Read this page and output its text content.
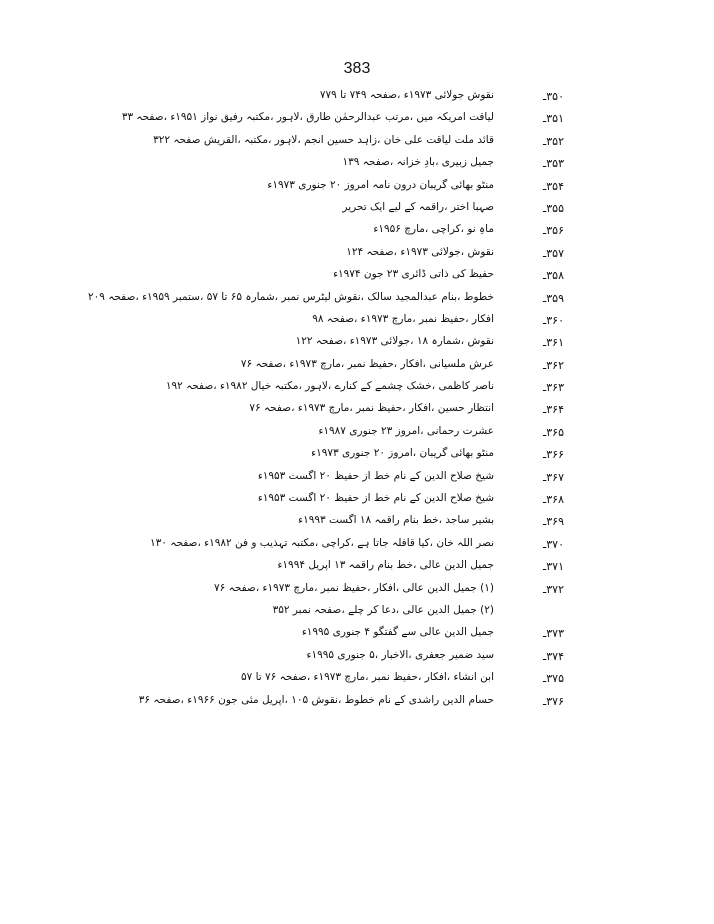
383
۳۵۰ـ
نقوش جولائی ۱۹۷۳ء ،صفحہ ۷۴۹ تا ۷۷۹
۳۵۱ـ
لیاقت امریکہ میں ،مرتب عبدالرحمٰن طارق ،لاہور ،مکتبہ رفیق نواز ۱۹۵۱ء ،صفحہ ۳۳
۳۵۲ـ
قائد ملت لیاقت علی خان ،زاہد حسین انجم ،لاہور ،مکتبہ ،القریش صفحہ ۳۲۲
۳۵۳ـ
جمیل زبیری ،بادِ خزانہ ،صفحہ ۱۳۹
۳۵۴ـ
منٹو بھائی گریبان درون نامہ امروز ۲۰ جنوری ۱۹۷۳ء
۳۵۵ـ
صہبا اختر ،راقمہ کے لیے ایک تحریر
۳۵۶ـ
ماہِ نو ،کراچی ،مارچ ۱۹۵۶ء
۳۵۷ـ
نقوش ،جولائی ۱۹۷۳ء ،صفحہ ۱۲۴
۳۵۸ـ
حفیظ کی ذاتی ڈائری ۲۳ جون ۱۹۷۴ء
۳۵۹ـ
خطوط ،بنام عبدالمجید سالک ،نقوش لیٹرس نمبر ،شمارہ ۶۵ تا ۵۷ ،ستمبر ۱۹۵۹ء ،صفحہ ۲۰۹
۳۶۰ـ
افکار ،حفیظ نمبر ،مارچ ۱۹۷۳ء ،صفحہ ۹۸
۳۶۱ـ
نقوش ،شمارہ ۱۸ ،جولائی ۱۹۷۳ء ،صفحہ ۱۲۲
۳۶۲ـ
عرش ملسیانی ،افکار ،حفیظ نمبر ،مارچ ۱۹۷۳ء ،صفحہ ۷۶
۳۶۳ـ
ناصر کاظمی ،خشک چشمے کے کنارے ،لاہور ،مکتبہ خیال ۱۹۸۲ء ،صفحہ ۱۹۲
۳۶۴ـ
انتظار حسین ،افکار ،حفیظ نمبر ،مارچ ۱۹۷۳ء ،صفحہ ۷۶
۳۶۵ـ
عشرت رحمانی ،امروز ۲۳ جنوری ۱۹۸۷ء
۳۶۶ـ
منٹو بھائی گریبان ،امروز ۲۰ جنوری ۱۹۷۳ء
۳۶۷ـ
شیخ صلاح الدین کے نام خط از حفیظ ۲۰ اگست ۱۹۵۳ء
۳۶۸ـ
شیخ صلاح الدین کے نام خط از حفیظ ۲۰ اگست ۱۹۵۳ء
۳۶۹ـ
بشیر ساجد ،خط بنام راقمہ ۱۸ اگست ۱۹۹۳ء
۳۷۰ـ
نصر اللہ خان ،کیا قافلہ جاتا ہے ،کراچی ،مکتبہ تہذیب و فن ۱۹۸۲ء ،صفحہ ۱۳۰
۳۷۱ـ
جمیل الدین عالی ،خط بنام راقمہ ۱۳ اپریل ۱۹۹۴ء
۳۷۲ـ
(۱) جمیل الدین عالی ،افکار ،حفیظ نمبر ،مارچ ۱۹۷۳ء ،صفحہ ۷۶
(۲) جمیل الدین عالی ،دعا کر چلے ،صفحہ نمبر ۳۵۲
۳۷۳ـ
جمیل الدین عالی سے گفتگو ۴ جنوری ۱۹۹۵ء
۳۷۴ـ
سید ضمیر جعفری ،الاخبار ،۵ جنوری ۱۹۹۵ء
۳۷۵ـ
ابن انشاء ،افکار ،حفیظ نمبر ،مارچ ۱۹۷۳ء ،صفحہ ۷۶ تا ۵۷
۳۷۶ـ
حسام الدین راشدی کے نام خطوط ،نقوش ۱۰۵ ،اپریل مئی جون ۱۹۶۶ء ،صفحہ ۳۶
